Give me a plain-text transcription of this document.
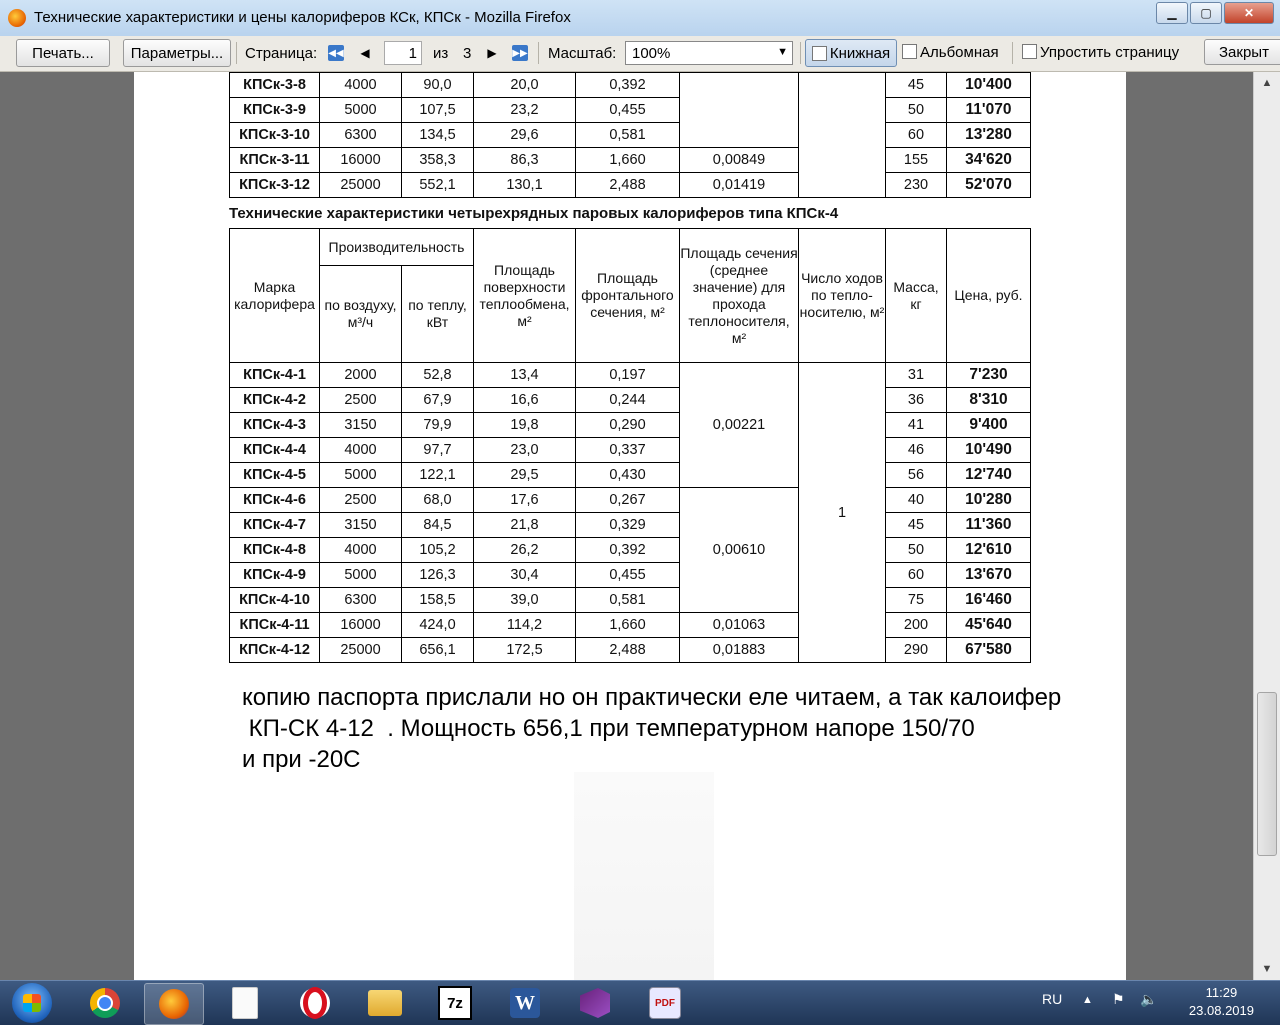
Технические характеристики и цены калориферов КСк, КПСк - Mozilla Firefox	▁	▢	✕
Печать...	Параметры...	Страница: ◀◀ ◀	1	из 3 ▶	▶▶ Масштаб: 100%	▼	Книжная	Альбомная	Упростить страницу	Закрыт
КПСк-3-8	4000	90,0	20,0	0,392			45	10'400
КПСк-3-9	5000	107,5	23,2	0,455			50	11'070
КПСк-3-10	6300	134,5	29,6	0,581			60	13'280
КПСк-3-11	16000	358,3	86,3	1,660	0,00849		155	34'620
КПСк-3-12	25000	552,1	130,1	2,488	0,01419		230	52'070
Технические характеристики четырехрядных паровых калориферов типа КПСк-4
Марка калорифера	Производительность		Площадь поверхности теплообмена, м²	Площадь фронтального сечения, м²	Площадь сечения (среднее значение) для прохода теплоносителя, м²	Число ходов по тепло-носителю, м²	Масса, кг	Цена, руб.
	по воздуху, м³/ч	по теплу, кВт						
КПСк-4-1	2000	52,8	13,4	0,197	0,00221	1	31	7'230
КПСк-4-2	2500	67,9	16,6	0,244			36	8'310
КПСк-4-3	3150	79,9	19,8	0,290			41	9'400
КПСк-4-4	4000	97,7	23,0	0,337			46	10'490
КПСк-4-5	5000	122,1	29,5	0,430			56	12'740
КПСк-4-6	2500	68,0	17,6	0,267	0,00610		40	10'280
КПСк-4-7	3150	84,5	21,8	0,329			45	11'360
КПСк-4-8	4000	105,2	26,2	0,392			50	12'610
КПСк-4-9	5000	126,3	30,4	0,455			60	13'670
КПСк-4-10	6300	158,5	39,0	0,581			75	16'460
КПСк-4-11	16000	424,0	114,2	1,660	0,01063		200	45'640
КПСк-4-12	25000	656,1	172,5	2,488	0,01883		290	67'580
копию паспорта прислали но он практически еле читаем, а так калоифер
КП-СК 4-12  . Мощность 656,1 при температурном напоре 150/70
и при -20С
▲
▼
7z	W	PDF	RU ▲ ⚑ 🔈	11:29
23.08.2019
